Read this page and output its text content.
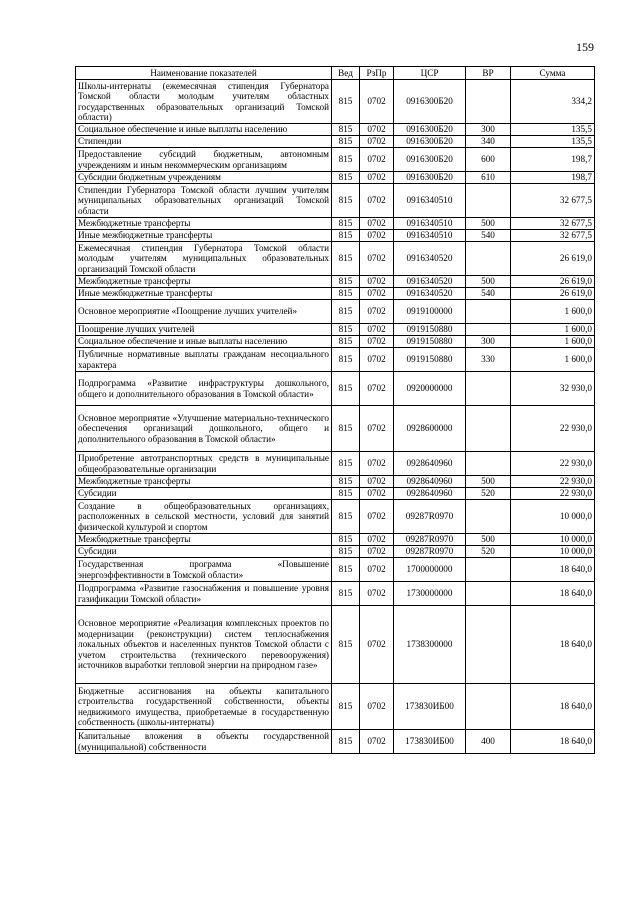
159
Наименование показателей	Вед	РзПр	ЦСР	ВР	Сумма
Школы-интернаты (ежемесячная стипендия Губернатора Томской области молодым учителям областных государственных образовательных организаций Томской области)	815	0702	0916300Б20		334,2
Социальное обеспечение и иные выплаты населению	815	0702	0916300Б20	300	135,5
Стипендии	815	0702	0916300Б20	340	135,5
Предоставление субсидий бюджетным, автономным учреждениям и иным некоммерческим организациям	815	0702	0916300Б20	600	198,7
Субсидии бюджетным учреждениям	815	0702	0916300Б20	610	198,7
Стипендии Губернатора Томской области лучшим учителям муниципальных образовательных организаций Томской области	815	0702	0916340510		32 677,5
Межбюджетные трансферты	815	0702	0916340510	500	32 677,5
Иные межбюджетные трансферты	815	0702	0916340510	540	32 677,5
Ежемесячная стипендия Губернатора Томской области молодым учителям муниципальных образовательных организаций Томской области	815	0702	0916340520		26 619,0
Межбюджетные трансферты	815	0702	0916340520	500	26 619,0
Иные межбюджетные трансферты	815	0702	0916340520	540	26 619,0
Основное мероприятие «Поощрение лучших учителей»	815	0702	0919100000		1 600,0
Поощрение лучших учителей	815	0702	0919150880		1 600,0
Социальное обеспечение и иные выплаты населению	815	0702	0919150880	300	1 600,0
Публичные нормативные выплаты гражданам несоциального характера	815	0702	0919150880	330	1 600,0
Подпрограмма «Развитие инфраструктуры дошкольного, общего и дополнительного образования в Томской области»	815	0702	0920000000		32 930,0
Основное мероприятие «Улучшение материально-технического обеспечения организаций дошкольного, общего и дополнительного образования в Томской области»	815	0702	0928600000		22 930,0
Приобретение автотранспортных средств в муниципальные общеобразовательные организации	815	0702	0928640960		22 930,0
Межбюджетные трансферты	815	0702	0928640960	500	22 930,0
Субсидии	815	0702	0928640960	520	22 930,0
Создание в общеобразовательных организациях, расположенных в сельской местности, условий для занятий физической культурой и спортом	815	0702	09287R0970		10 000,0
Межбюджетные трансферты	815	0702	09287R0970	500	10 000,0
Субсидии	815	0702	09287R0970	520	10 000,0
Государственная программа «Повышение энергоэффективности в Томской области»	815	0702	1700000000		18 640,0
Подпрограмма «Развитие газоснабжения и повышение уровня газификации Томской области»	815	0702	1730000000		18 640,0
Основное мероприятие «Реализация комплексных проектов по модернизации (реконструкции) систем теплоснабжения локальных объектов и населенных пунктов Томской области с учетом строительства (технического перевооружения) источников выработки тепловой энергии на природном газе»	815	0702	1738300000		18 640,0
Бюджетные ассигнования на объекты капитального строительства государственной собственности, объекты недвижимого имущества, приобретаемые в государственную собственность (школы-интернаты)	815	0702	173830ИБ00		18 640,0
Капитальные вложения в объекты государственной (муниципальной) собственности	815	0702	173830ИБ00	400	18 640,0
